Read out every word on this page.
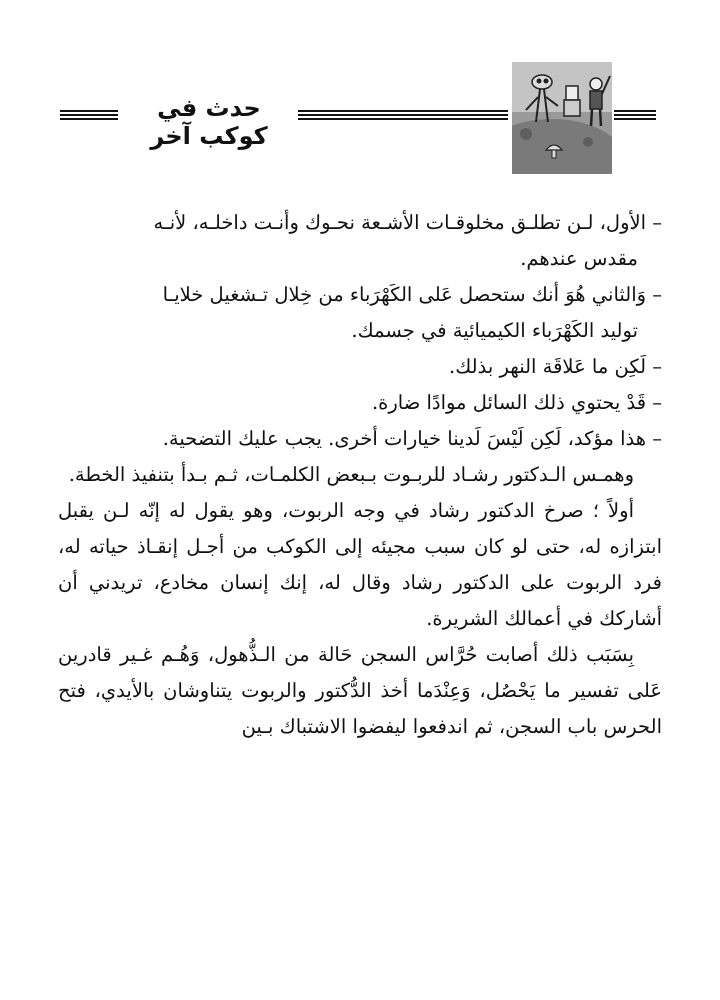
حدث في كوكب آخر

– الأول، لـن تطلـق مخلوقـات الأشـعة نحـوك وأنـت داخلـه، لأنـه

مقدس عندهم.

– وَالثاني هُوَ أنك ستحصل عَلى الكَهْرَباء من خِلال تـشغيل خلايـا

توليد الكَهْرَباء الكيميائية في جسمك.

– لَكِن ما عَلاقَة النهر بذلك.

– قَدْ يحتوي ذلك السائل موادًا ضارة.

– هذا مؤكد، لَكِن لَيْسَ لَدينا خيارات أخرى. يجب عليك التضحية.

وهمـس الـدكتور رشـاد للربـوت بـبعض الكلمـات، ثـم بـدأ بتنفيذ الخطة.

أولاً ؛ صرخ الدكتور رشاد في وجه الربوت، وهو يقول له إنّه لـن يقبل ابتزازه له، حتى لو كان سبب مجيئه إلى الكوكب من أجـل إنقـاذ حياته له، فرد الربوت على الدكتور رشاد وقال له، إنك إنسان مخادع، تريدني أن أشاركك في أعمالك الشريرة.

بِسَبَب ذلك أصابت حُرَّاس السجن حَالة من الـذُّهول، وَهُـم غـير قادرين عَلى تفسير ما يَحْصُل، وَعِنْدَما أخذ الدُّكتور والربوت يتناوشان بالأيدي، فتح الحرس باب السجن، ثم اندفعوا ليفضوا الاشتباك بـين
